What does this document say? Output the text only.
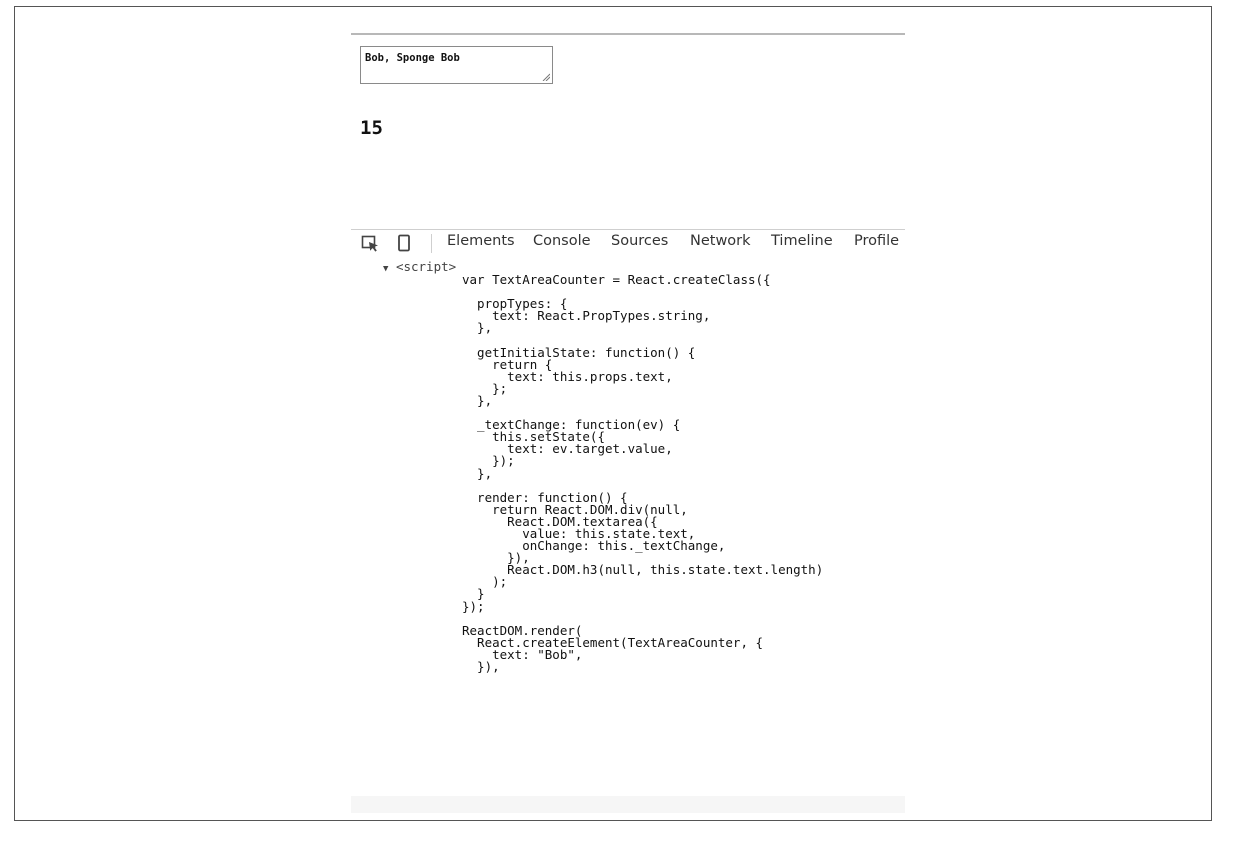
Bob, Sponge Bob
15
Elements Console Sources Network Timeline Profile
▼ <script>
var TextAreaCounter = React.createClass({

propTypes: {
text: React.PropTypes.string,
},

getInitialState: function() {
return {
text: this.props.text,
};
},

_textChange: function(ev) {
this.setState({
text: ev.target.value,
});
},

render: function() {
return React.DOM.div(null,
React.DOM.textarea({
value: this.state.text,
onChange: this._textChange,
}),
React.DOM.h3(null, this.state.text.length)
);
}
});

ReactDOM.render(
React.createElement(TextAreaCounter, {
text: "Bob",
}),
